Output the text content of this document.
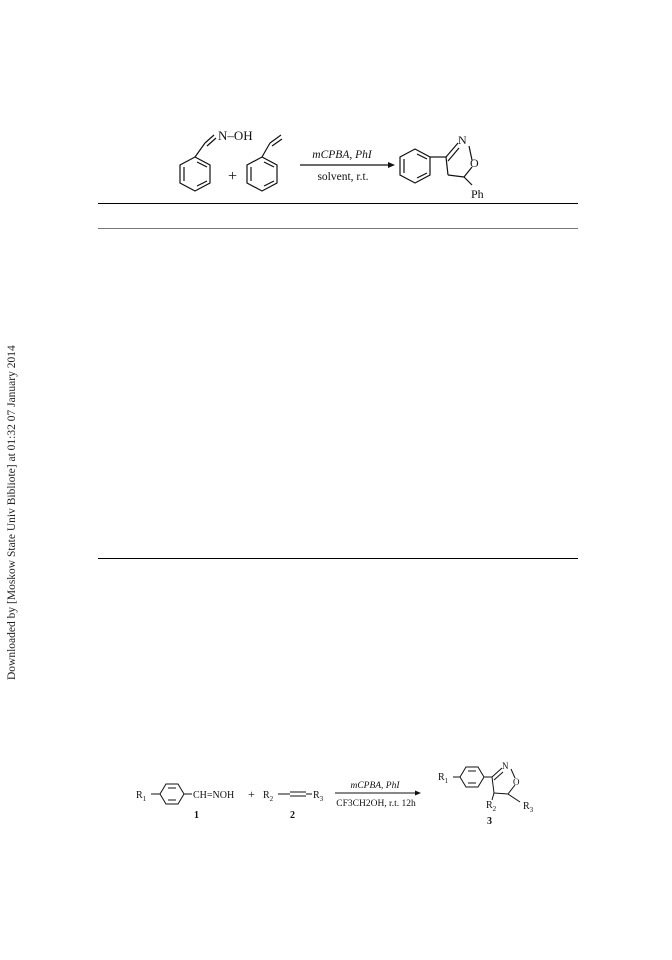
Downloaded by [Moskow State Univ Bibliote] at 01:32 07 January 2014
N–OH
+
mCPBA, PhI
solvent, r.t.
N
O
Ph
$R_1$	CH=NOH
1
+ $R_2$	$R_3$
2
mCPBA, PhI
CF3CH2OH, r.t. 12h
$R_1$
N
O
$R_2$	$R_3$
3
